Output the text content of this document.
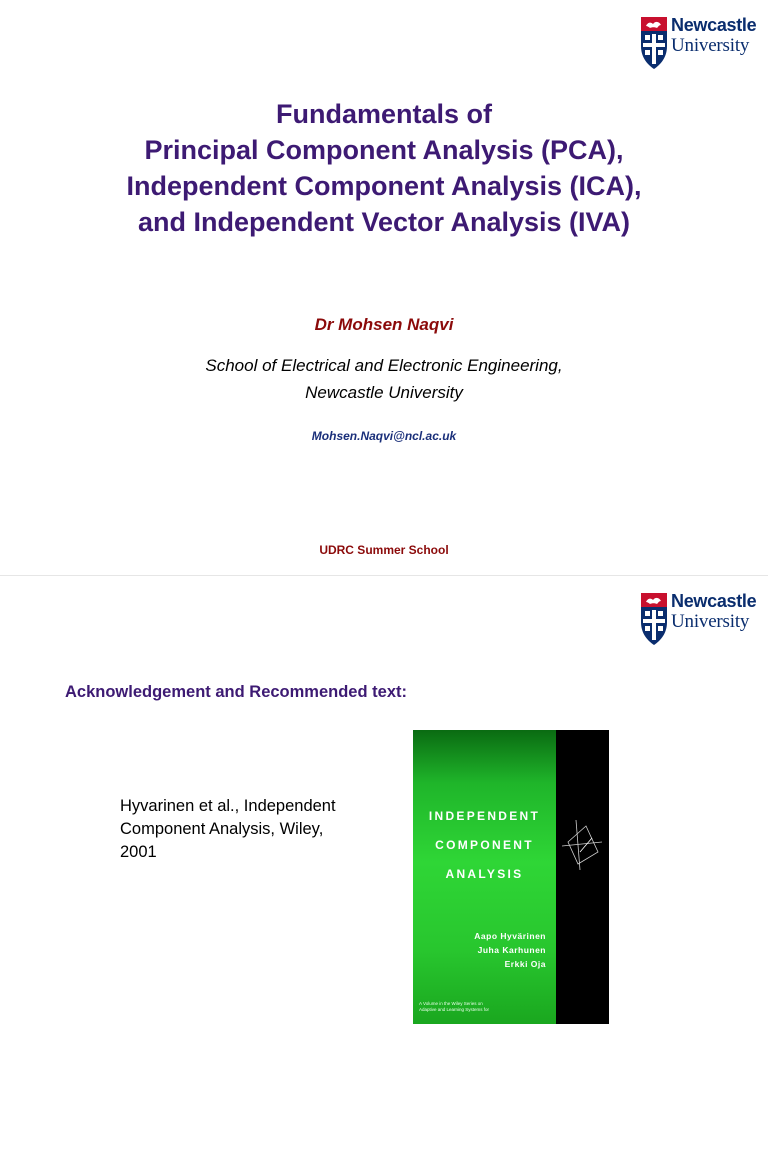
Newcastle
University
Fundamentals of
Principal Component Analysis (PCA),
Independent Component Analysis (ICA),
and Independent Vector Analysis (IVA)
Dr Mohsen Naqvi
School of Electrical and Electronic Engineering,
Newcastle University
Mohsen.Naqvi@ncl.ac.uk
UDRC Summer School
Newcastle
University
Acknowledgement and Recommended text:
Hyvarinen et al., Independent
Component Analysis, Wiley,
2001
INDEPENDENT
COMPONENT
ANALYSIS
Aapo Hyvärinen
Juha Karhunen
Erkki Oja
A Volume in the Wiley Series on
Adaptive and Learning Systems for
